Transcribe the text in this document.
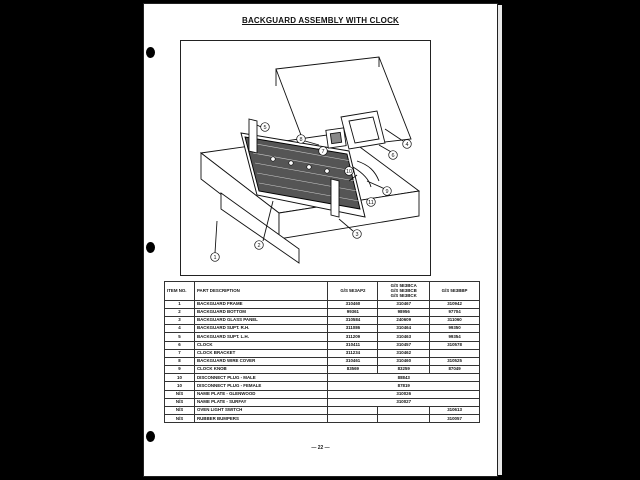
BACKGUARD ASSEMBLY WITH CLOCK
1
2
3
4
5
6
7
8
9
10
11
ITEM NO.	PART DESCRIPTION	G/S 5E3AP2	G/S 5E3BCA
G/S 5E3BCB
G/S 5E3BCK	G/S 5E3BBP
1	BACKGUARD FRAME	310460	310467	310942
2	BACKGUARD BOTTOM	99361	98956	97704
3	BACKGUARD GLASS PANEL	310584	240609	311060
4	BACKGUARD SUPT. R.H.	311086	310464	99350
5	BACKGUARD SUPT. L.H.	311209	310463	99354
6	CLOCK	310411	310457	310578
7	CLOCK BRACKET	311234	310462	
8	BACKGUARD WIRE COVER	310461	310460	310525
9	CLOCK KNOB	83569	83259	87049
10	DISCONNECT PLUG - MALE	88843		
10	DISCONNECT PLUG - FEMALE	87819		
N/S	NAME PLATE - GLENWOOD	310026		
N/S	NAME PLATE - SURFAY	310027		
N/S	OVEN LIGHT SWITCH			310613
N/S	RUBBER BUMPERS			310057
— 22 —
